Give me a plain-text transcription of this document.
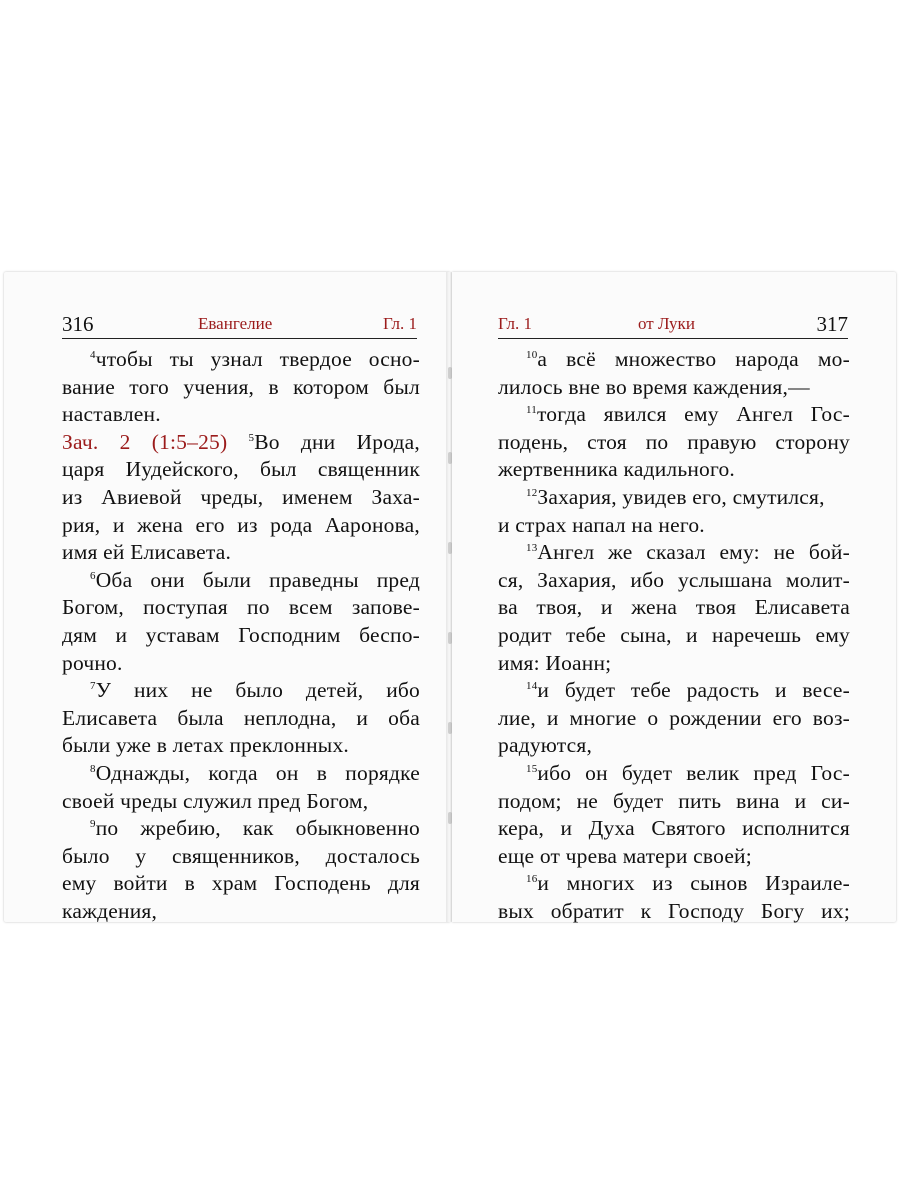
316	Евангелие	Гл. 1
$^4$чтобы ты узнал твердое осно-
вание того учения, в котором был
наставлен.
Зач. 2 (1:5–25) $^5$Во дни Ирода,
царя Иудейского, был священник
из Авиевой чреды, именем Заха-
рия, и жена его из рода Ааронова,
имя ей Елисавета.
$^6$Оба они были праведны пред
Богом, поступая по всем запове-
дям и уставам Господним беспо-
рочно.
$^7$У них не было детей, ибо
Елисавета была неплодна, и оба
были уже в летах преклонных.
$^8$Однажды, когда он в порядке
своей чреды служил пред Богом,
$^9$по жребию, как обыкновенно
было у священников, досталось
ему войти в храм Господень для
каждения,
Гл. 1	от Луки	317
$^{10}$а всё множество народа мо-
лилось вне во время каждения,—
$^{11}$тогда явился ему Ангел Гос-
подень, стоя по правую сторону
жертвенника кадильного.
$^{12}$Захария, увидев его, смутился,
и страх напал на него.
$^{13}$Ангел же сказал ему: не бой-
ся, Захария, ибо услышана молит-
ва твоя, и жена твоя Елисавета
родит тебе сына, и наречешь ему
имя: Иоанн;
$^{14}$и будет тебе радость и весе-
лие, и многие о рождении его воз-
радуются,
$^{15}$ибо он будет велик пред Гос-
подом; не будет пить вина и си-
кера, и Духа Святого исполнится
еще от чрева матери своей;
$^{16}$и многих из сынов Израиле-
вых обратит к Господу Богу их;
